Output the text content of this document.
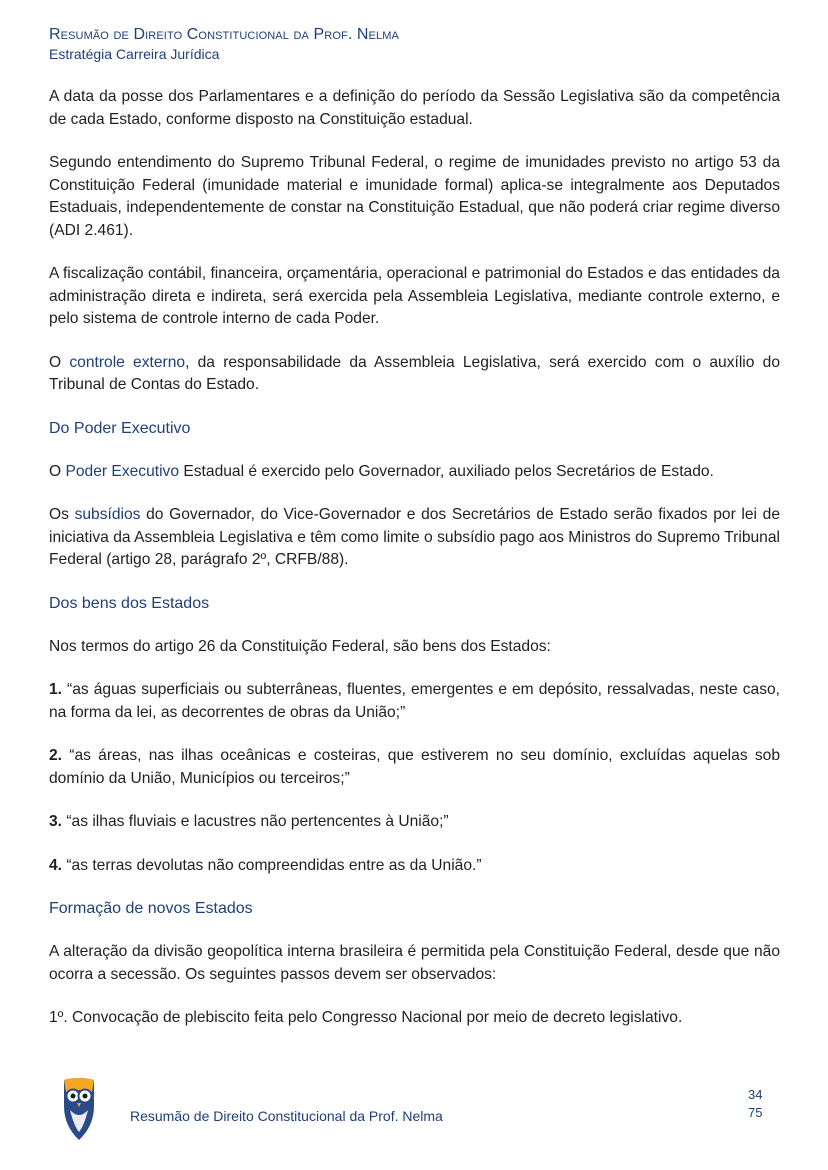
Resumão de Direito Constitucional da Prof. Nelma
Estratégia Carreira Jurídica

A data da posse dos Parlamentares e a definição do período da Sessão Legislativa são da competência de cada Estado, conforme disposto na Constituição estadual.

Segundo entendimento do Supremo Tribunal Federal, o regime de imunidades previsto no artigo 53 da Constituição Federal (imunidade material e imunidade formal) aplica-se integralmente aos Deputados Estaduais, independentemente de constar na Constituição Estadual, que não poderá criar regime diverso (ADI 2.461).

A fiscalização contábil, financeira, orçamentária, operacional e patrimonial do Estados e das entidades da administração direta e indireta, será exercida pela Assembleia Legislativa, mediante controle externo, e pelo sistema de controle interno de cada Poder.

O controle externo, da responsabilidade da Assembleia Legislativa, será exercido com o auxílio do Tribunal de Contas do Estado.

Do Poder Executivo

O Poder Executivo Estadual é exercido pelo Governador, auxiliado pelos Secretários de Estado.

Os subsídios do Governador, do Vice-Governador e dos Secretários de Estado serão fixados por lei de iniciativa da Assembleia Legislativa e têm como limite o subsídio pago aos Ministros do Supremo Tribunal Federal (artigo 28, parágrafo 2º, CRFB/88).

Dos bens dos Estados

Nos termos do artigo 26 da Constituição Federal, são bens dos Estados:

1. “as águas superficiais ou subterrâneas, fluentes, emergentes e em depósito, ressalvadas, neste caso, na forma da lei, as decorrentes de obras da União;”

2. “as áreas, nas ilhas oceânicas e costeiras, que estiverem no seu domínio, excluídas aquelas sob domínio da União, Municípios ou terceiros;”

3. “as ilhas fluviais e lacustres não pertencentes à União;”

4. “as terras devolutas não compreendidas entre as da União.”

Formação de novos Estados

A alteração da divisão geopolítica interna brasileira é permitida pela Constituição Federal, desde que não ocorra a secessão. Os seguintes passos devem ser observados:

1º. Convocação de plebiscito feita pelo Congresso Nacional por meio de decreto legislativo.

Resumão de Direito Constitucional da Prof. Nelma
34
75
